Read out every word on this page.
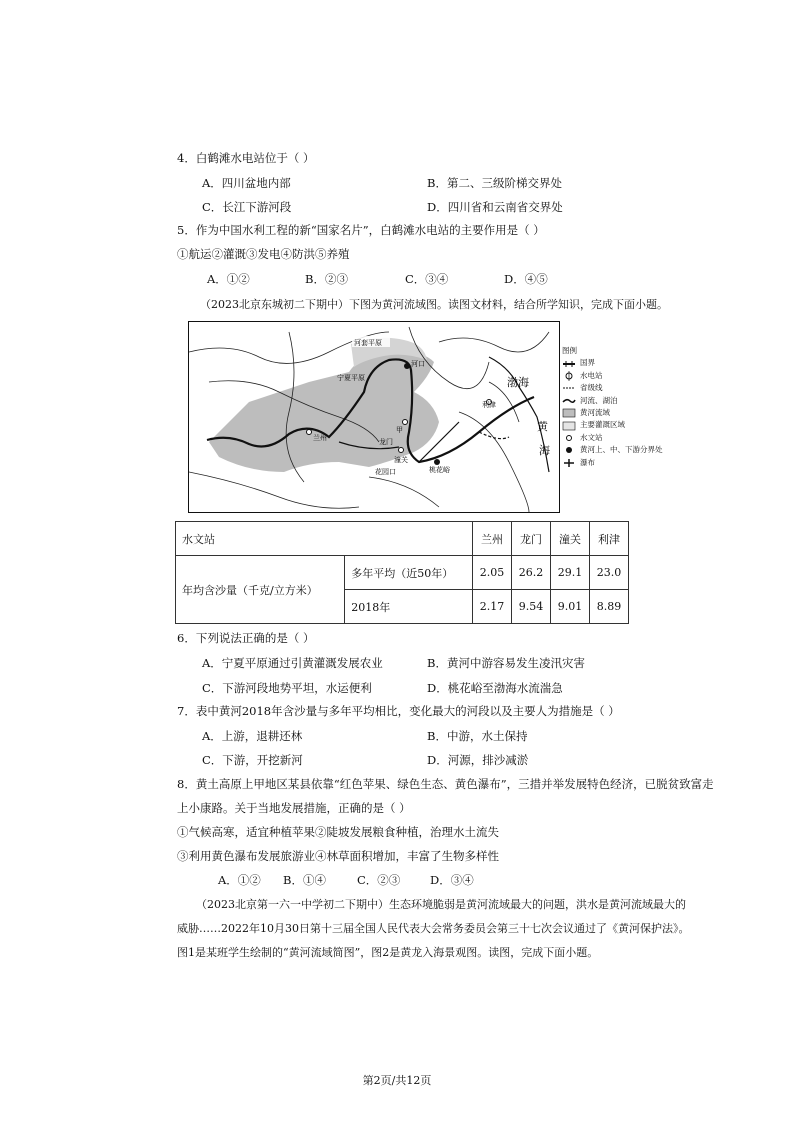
4．白鹤滩水电站位于（ ）
A．四川盆地内部	B．第二、三级阶梯交界处
C．长江下游河段	D．四川省和云南省交界处
5．作为中国水利工程的新“国家名片”，白鹤滩水电站的主要作用是（ ）
①航运②灌溉③发电④防洪⑤养殖
A．①②	B．②③	C．③④	D．④⑤
（2023北京东城初二下期中）下图为黄河流域图。读图文材料，结合所学知识，完成下面小题。
河套平原
河口
宁夏平原
兰州
甲
龙门
潼关
花园口	桃花峪
利津
渤海
黄
海
图例
国界
水电站
省级线
河流、湖泊
黄河流域
主要灌溉区域
水文站
黄河上、中、下游分界处
瀑布
水文站		兰州	龙门	潼关	利津
年均含沙量（千克/立方米）	多年平均（近50年）	2.05	26.2	29.1	23.0
	2018年	2.17	9.54	9.01	8.89
6．下列说法正确的是（ ）
A．宁夏平原通过引黄灌溉发展农业	B．黄河中游容易发生凌汛灾害
C．下游河段地势平坦，水运便利	D．桃花峪至渤海水流湍急
7．表中黄河2018年含沙量与多年平均相比，变化最大的河段以及主要人为措施是（ ）
A．上游，退耕还林	B．中游，水土保持
C．下游，开挖新河	D．河源，排沙减淤
8．黄土高原上甲地区某县依靠“红色苹果、绿色生态、黄色瀑布”，三措并举发展特色经济，已脱贫致富走
上小康路。关于当地发展措施，正确的是（ ）
①气候高寒，适宜种植苹果②陡坡发展粮食种植，治理水土流失
③利用黄色瀑布发展旅游业④林草面积增加，丰富了生物多样性
A．①② B．①④	C．②③	D．③④
（2023北京第一六一中学初二下期中）生态环境脆弱是黄河流域最大的问题，洪水是黄河流域最大的
威胁……2022年10月30日第十三届全国人民代表大会常务委员会第三十七次会议通过了《黄河保护法》。
图1是某班学生绘制的“黄河流域简图”，图2是黄龙入海景观图。读图，完成下面小题。
第2页/共12页
